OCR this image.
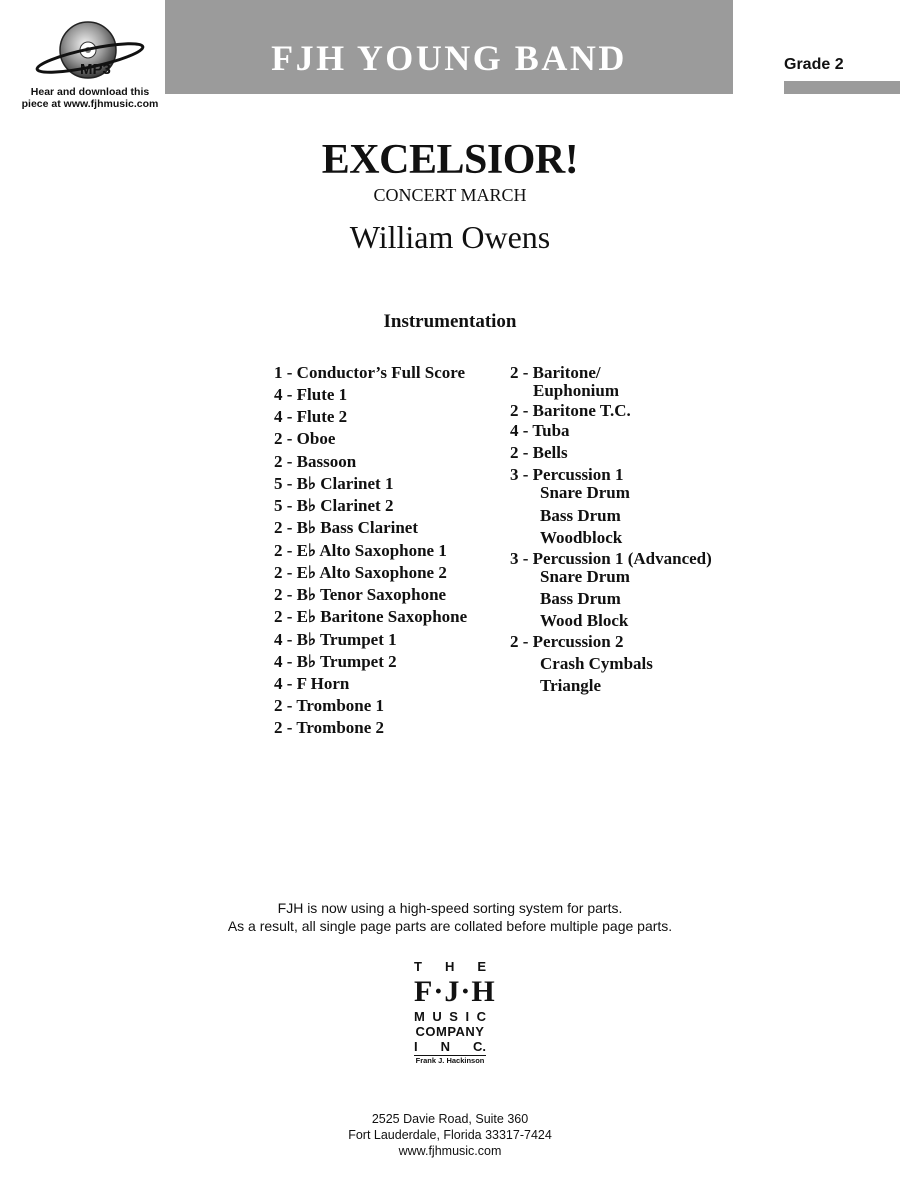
MP3
Hear and download this
piece at www.fjhmusic.com
FJH YOUNG BAND	Grade 2
EXCELSIOR!
CONCERT MARCH
William Owens
Instrumentation
1 - Conductor’s Full Score
4 - Flute 1
4 - Flute 2
2 - Oboe
2 - Bassoon
5 - B♭ Clarinet 1
5 - B♭ Clarinet 2
2 - B♭ Bass Clarinet
2 - E♭ Alto Saxophone 1
2 - E♭ Alto Saxophone 2
2 - B♭ Tenor Saxophone
2 - E♭ Baritone Saxophone
4 - B♭ Trumpet 1
4 - B♭ Trumpet 2
4 - F Horn
2 - Trombone 1
2 - Trombone 2
2 - Baritone/
Euphonium
2 - Baritone T.C.
4 - Tuba
2 - Bells
3 - Percussion 1
Snare Drum
Bass Drum
Woodblock
3 - Percussion 1 (Advanced)
Snare Drum
Bass Drum
Wood Block
2 - Percussion 2
Crash Cymbals
Triangle
FJH is now using a high-speed sorting system for parts.
As a result, all single page parts are collated before multiple page parts.
T H E
F·J·H
M U S I C
COMPANY
I N C.
Frank J. Hackinson
2525 Davie Road, Suite 360
Fort Lauderdale, Florida 33317-7424
www.fjhmusic.com
